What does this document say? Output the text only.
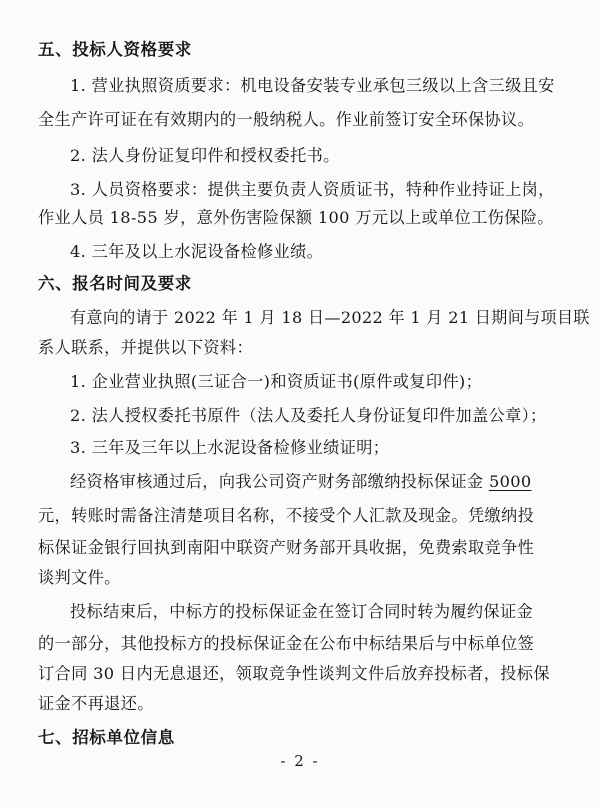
五、投标人资格要求
1. 营业执照资质要求：机电设备安装专业承包三级以上含三级且安
全生产许可证在有效期内的一般纳税人。作业前签订安全环保协议。
2. 法人身份证复印件和授权委托书。
3. 人员资格要求：提供主要负责人资质证书，特种作业持证上岗，
作业人员 18-55 岁，意外伤害险保额 100 万元以上或单位工伤保险。
4. 三年及以上水泥设备检修业绩。
六、报名时间及要求
有意向的请于 2022 年 1 月 18 日—2022 年 1 月 21 日期间与项目联
系人联系，并提供以下资料：
1. 企业营业执照(三证合一)和资质证书(原件或复印件)；
2. 法人授权委托书原件（法人及委托人身份证复印件加盖公章）；
3. 三年及三年以上水泥设备检修业绩证明；
经资格审核通过后，向我公司资产财务部缴纳投标保证金 5000
元，转账时需备注清楚项目名称，不接受个人汇款及现金。凭缴纳投
标保证金银行回执到南阳中联资产财务部开具收据，免费索取竞争性
谈判文件。
投标结束后，中标方的投标保证金在签订合同时转为履约保证金
的一部分，其他投标方的投标保证金在公布中标结果后与中标单位签
订合同 30 日内无息退还，领取竞争性谈判文件后放弃投标者，投标保
证金不再退还。
七、招标单位信息
- 2 -
